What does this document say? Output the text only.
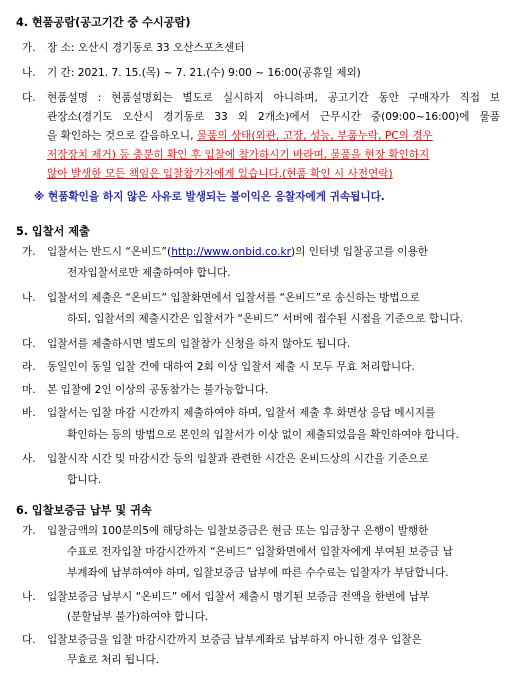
4. 현품공람(공고기간 중 수시공람)
가. 장 소: 오산시 경기동로 33 오산스포츠센터
나. 기 간: 2021. 7. 15.(목) ~ 7. 21.(수) 9:00 ~ 16:00(공휴일 제외)
다. 현품설명 : 현품설명회는 별도로 실시하지 아니하며, 공고기간 동안 구매자가 직접 보
관장소(경기도 오산시 경기동로 33 외 2개소)에서 근무시간 중(09:00~16:00)에 물품
을 확인하는 것으로 갈음하오니, 물품의 상태(외관, 고장, 성능, 부품누락, PC의 경우
저장장치 제거) 등 충분히 확인 후 입찰에 참가하시기 바라며, 물품을 현장 확인하지
않아 발생한 모든 책임은 입찰참가자에게 있습니다.(현품 확인 시 사전연락)
※ 현품확인을 하지 않은 사유로 발생되는 불이익은 응찰자에게 귀속됩니다.
5. 입찰서 제출
가. 입찰서는 반드시 “온비드”(http://www.onbid.co.kr)의 인터넷 입찰공고를 이용한
전자입찰서로만 제출하여야 합니다.
나. 입찰서의 제출은 “온비드” 입찰화면에서 입찰서를 “온비드”로 송신하는 방법으로
하되, 입찰서의 제출시간은 입찰서가 “온비드” 서버에 접수된 시점을 기준으로 합니다.
다. 입찰서를 제출하시면 별도의 입찰참가 신청을 하지 않아도 됩니다.
라. 동일인이 동일 입찰 건에 대하여 2회 이상 입찰서 제출 시 모두 무효 처리합니다.
마. 본 입찰에 2인 이상의 공동참가는 불가능합니다.
바. 입찰서는 입찰 마감 시간까지 제출하여야 하며, 입찰서 제출 후 화면상 응답 메시지를
확인하는 등의 방법으로 본인의 입찰서가 이상 없이 제출되었음을 확인하여야 합니다.
사. 입찰시작 시간 및 마감시간 등의 입찰과 관련한 시간은 온비드상의 시간을 기준으로
합니다.
6. 입찰보증금 납부 및 귀속
가. 입찰금액의 100분의5에 해당하는 입찰보증금은 현금 또는 입금창구 은행이 발행한
수표로 전자입찰 마감시간까지 “온비드” 입찰화면에서 입찰자에게 부여된 보증금 납
부계좌에 납부하여야 하며, 입찰보증금 납부에 따른 수수료는 입찰자가 부담합니다.
나. 입찰보증금 납부시 “온비드” 에서 입찰서 제출시 명기된 보증금 전액을 한번에 납부
(분할납부 불가)하여야 합니다.
다. 입찰보증금을 입찰 마감시간까지 보증금 납부계좌로 납부하지 아니한 경우 입찰은
무효로 처리 됩니다.
